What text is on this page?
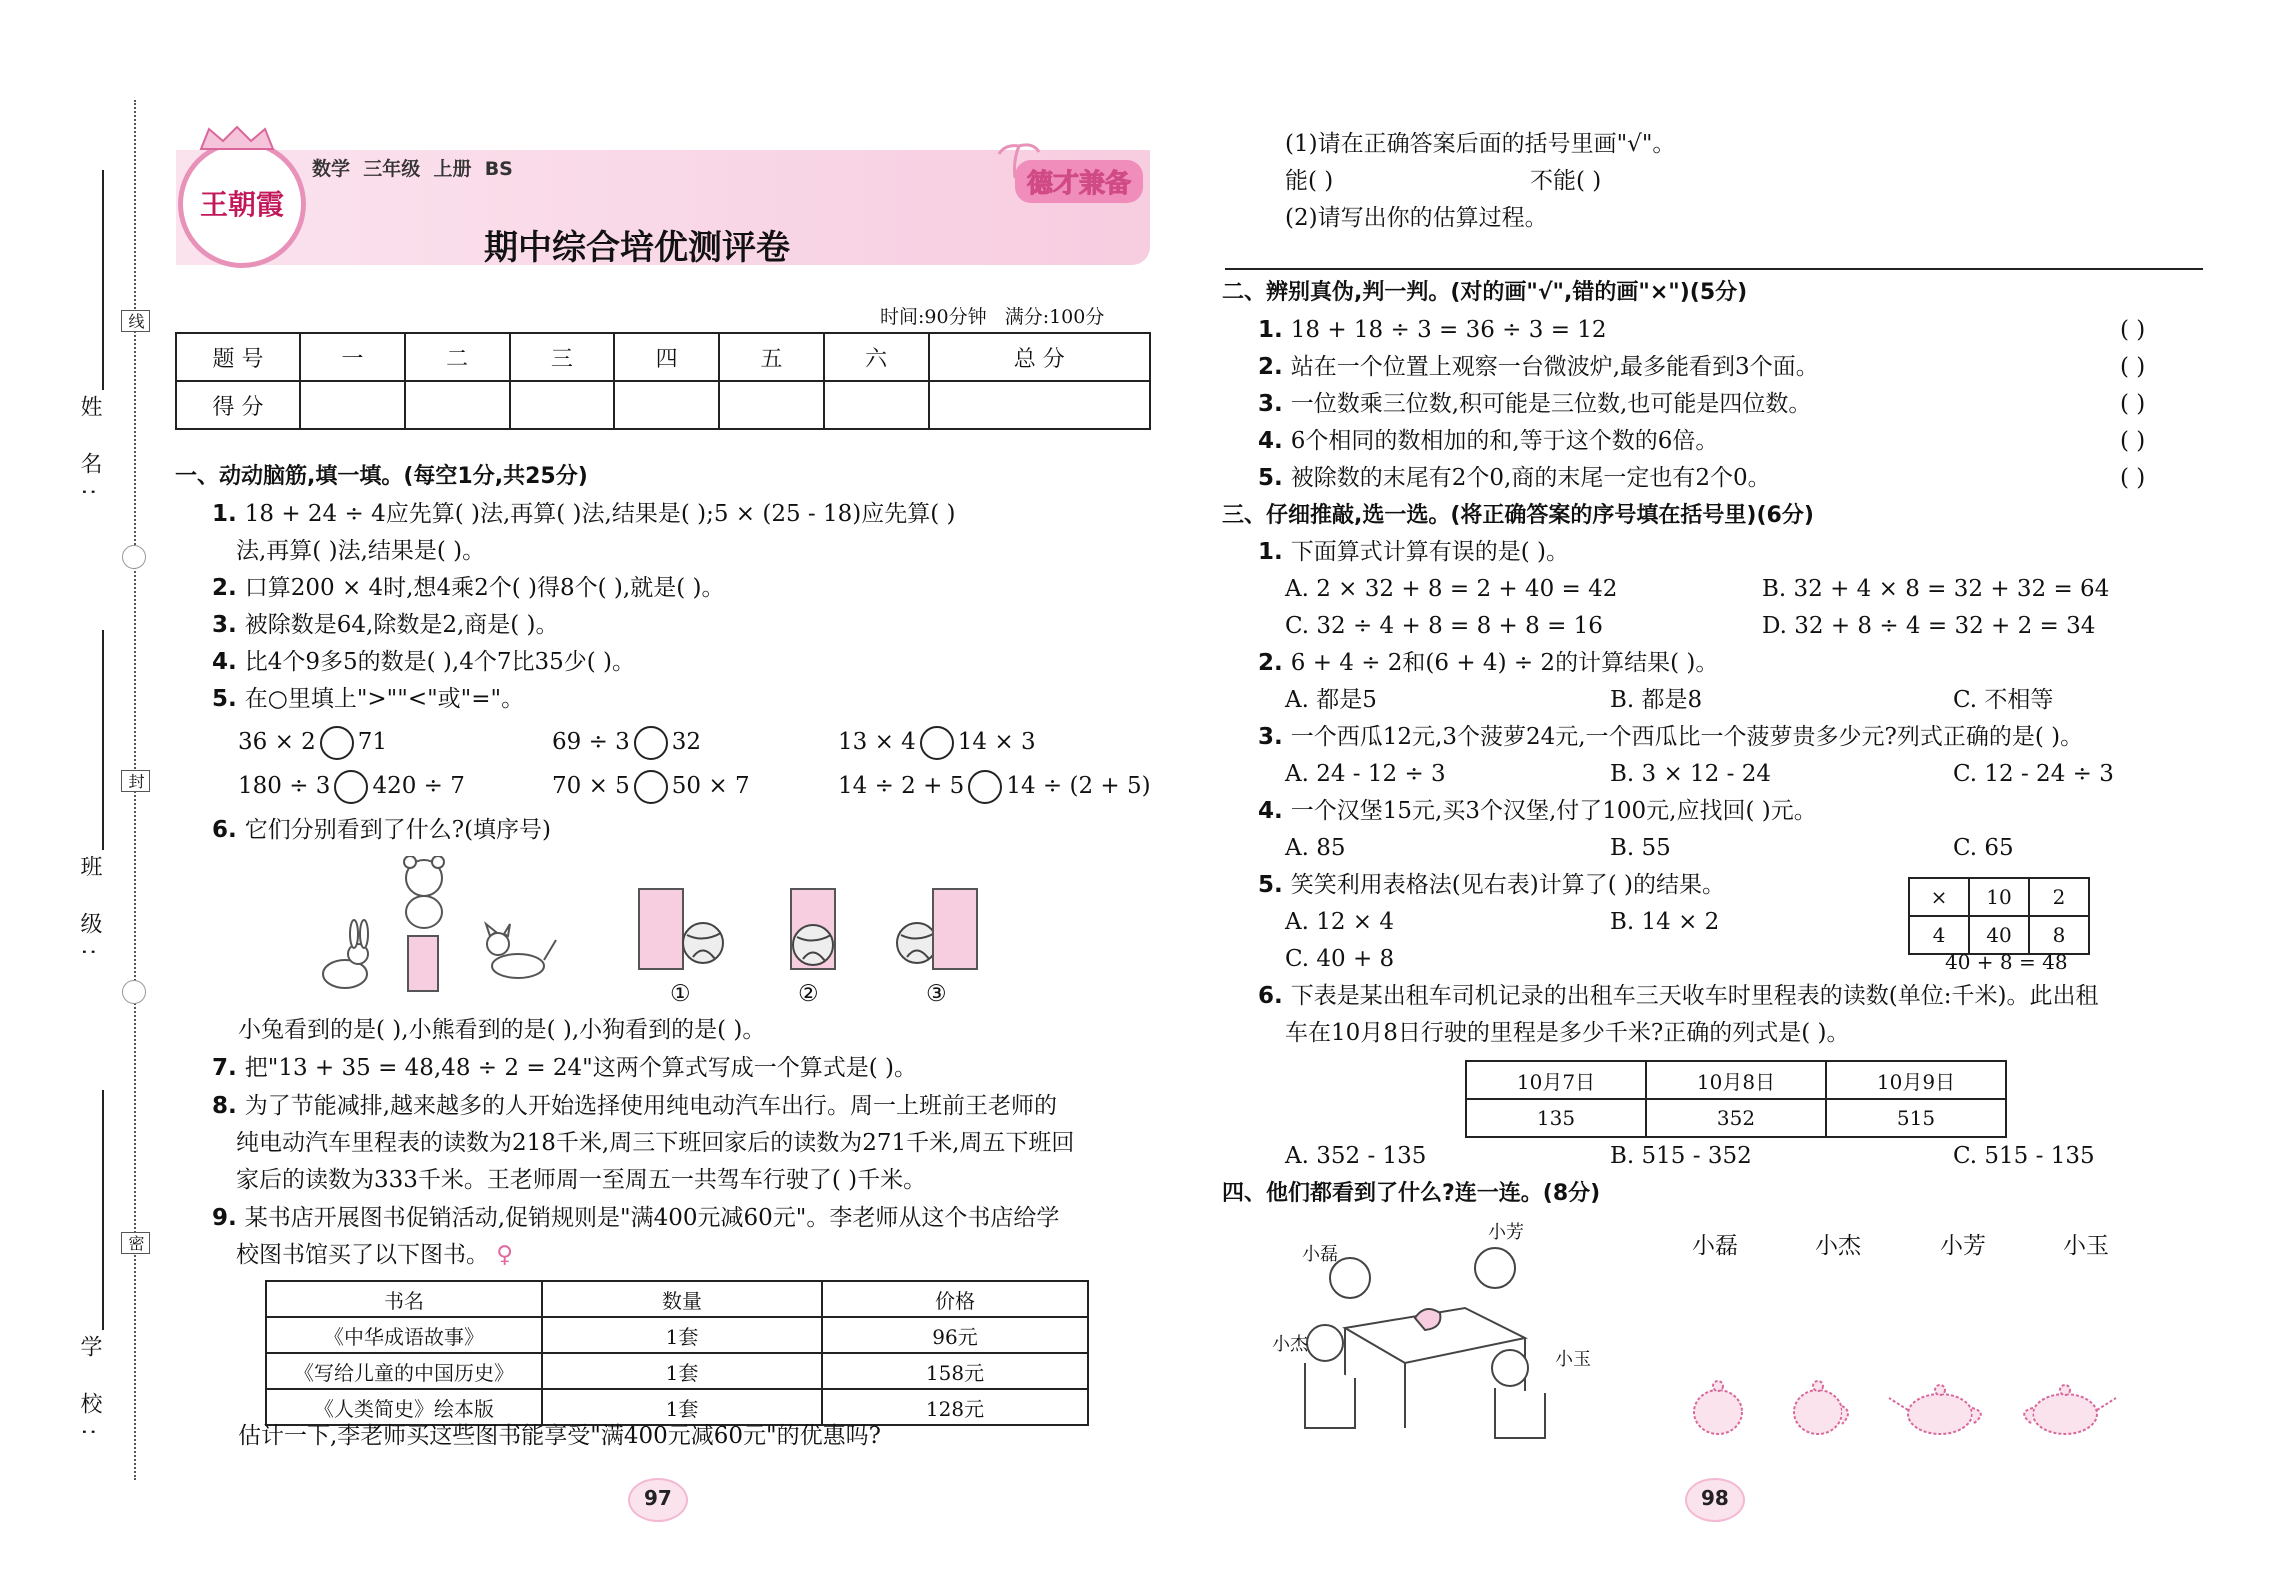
线
封
密
姓 名:
班 级:
学 校:
王朝霞
数学  三年级  上册  BS
期中综合培优测评卷
德才兼备
时间:90分钟   满分:100分
题 号	一	二	三	四	五	六	总 分
得 分							
一、动动脑筋,填一填。(每空1分,共25分)
1. 18 + 24 ÷ 4应先算( )法,再算( )法,结果是( );5 × (25 - 18)应先算( )
法,再算( )法,结果是( )。
2. 口算200 × 4时,想4乘2个( )得8个( ),就是( )。
3. 被除数是64,除数是2,商是( )。
4. 比4个9多5的数是( ),4个7比35少( )。
5. 在○里填上">""<"或"="。
36 × 2 71	69 ÷ 3 32	13 × 4 14 × 3
180 ÷ 3 420 ÷ 7	70 × 5 50 × 7	14 ÷ 2 + 5 14 ÷ (2 + 5)
6. 它们分别看到了什么?(填序号)
①	②	③
小兔看到的是( ),小熊看到的是( ),小狗看到的是( )。
7. 把"13 + 35 = 48,48 ÷ 2 = 24"这两个算式写成一个算式是( )。
8. 为了节能减排,越来越多的人开始选择使用纯电动汽车出行。周一上班前王老师的
纯电动汽车里程表的读数为218千米,周三下班回家后的读数为271千米,周五下班回
家后的读数为333千米。王老师周一至周五一共驾车行驶了( )千米。
9. 某书店开展图书促销活动,促销规则是"满400元减60元"。李老师从这个书店给学
校图书馆买了以下图书。 ♀
书名	数量	价格
《中华成语故事》	1套	96元
《写给儿童的中国历史》	1套	158元
《人类简史》绘本版	1套	128元
估计一下,李老师买这些图书能享受"满400元减60元"的优惠吗?
97
(1)请在正确答案后面的括号里画"√"。
能( )	不能( )
(2)请写出你的估算过程。
二、辨别真伪,判一判。(对的画"√",错的画"×")(5分)
1. 18 + 18 ÷ 3 = 36 ÷ 3 = 12
2. 站在一个位置上观察一台微波炉,最多能看到3个面。
3. 一位数乘三位数,积可能是三位数,也可能是四位数。
4. 6个相同的数相加的和,等于这个数的6倍。
5. 被除数的末尾有2个0,商的末尾一定也有2个0。
( )
( )
( )
( )
( )
三、仔细推敲,选一选。(将正确答案的序号填在括号里)(6分)
1. 下面算式计算有误的是( )。
A. 2 × 32 + 8 = 2 + 40 = 42	B. 32 + 4 × 8 = 32 + 32 = 64
C. 32 ÷ 4 + 8 = 8 + 8 = 16	D. 32 + 8 ÷ 4 = 32 + 2 = 34
2. 6 + 4 ÷ 2和(6 + 4) ÷ 2的计算结果( )。
A. 都是5	B. 都是8	C. 不相等
3. 一个西瓜12元,3个菠萝24元,一个西瓜比一个菠萝贵多少元?列式正确的是( )。
A. 24 - 12 ÷ 3	B. 3 × 12 - 24	C. 12 - 24 ÷ 3
4. 一个汉堡15元,买3个汉堡,付了100元,应找回( )元。
A. 85	B. 55	C. 65
5. 笑笑利用表格法(见右表)计算了( )的结果。
A. 12 × 4	B. 14 × 2
C. 40 + 8
×	10	2
4	40	8
40 + 8 = 48
6. 下表是某出租车司机记录的出租车三天收车时里程表的读数(单位:千米)。此出租
车在10月8日行驶的里程是多少千米?正确的列式是( )。
10月7日	10月8日	10月9日
135	352	515
A. 352 - 135	B. 515 - 352	C. 515 - 135
四、他们都看到了什么?连一连。(8分)
小磊
小芳
小杰
小玉
小磊	小杰	小芳	小玉
98
